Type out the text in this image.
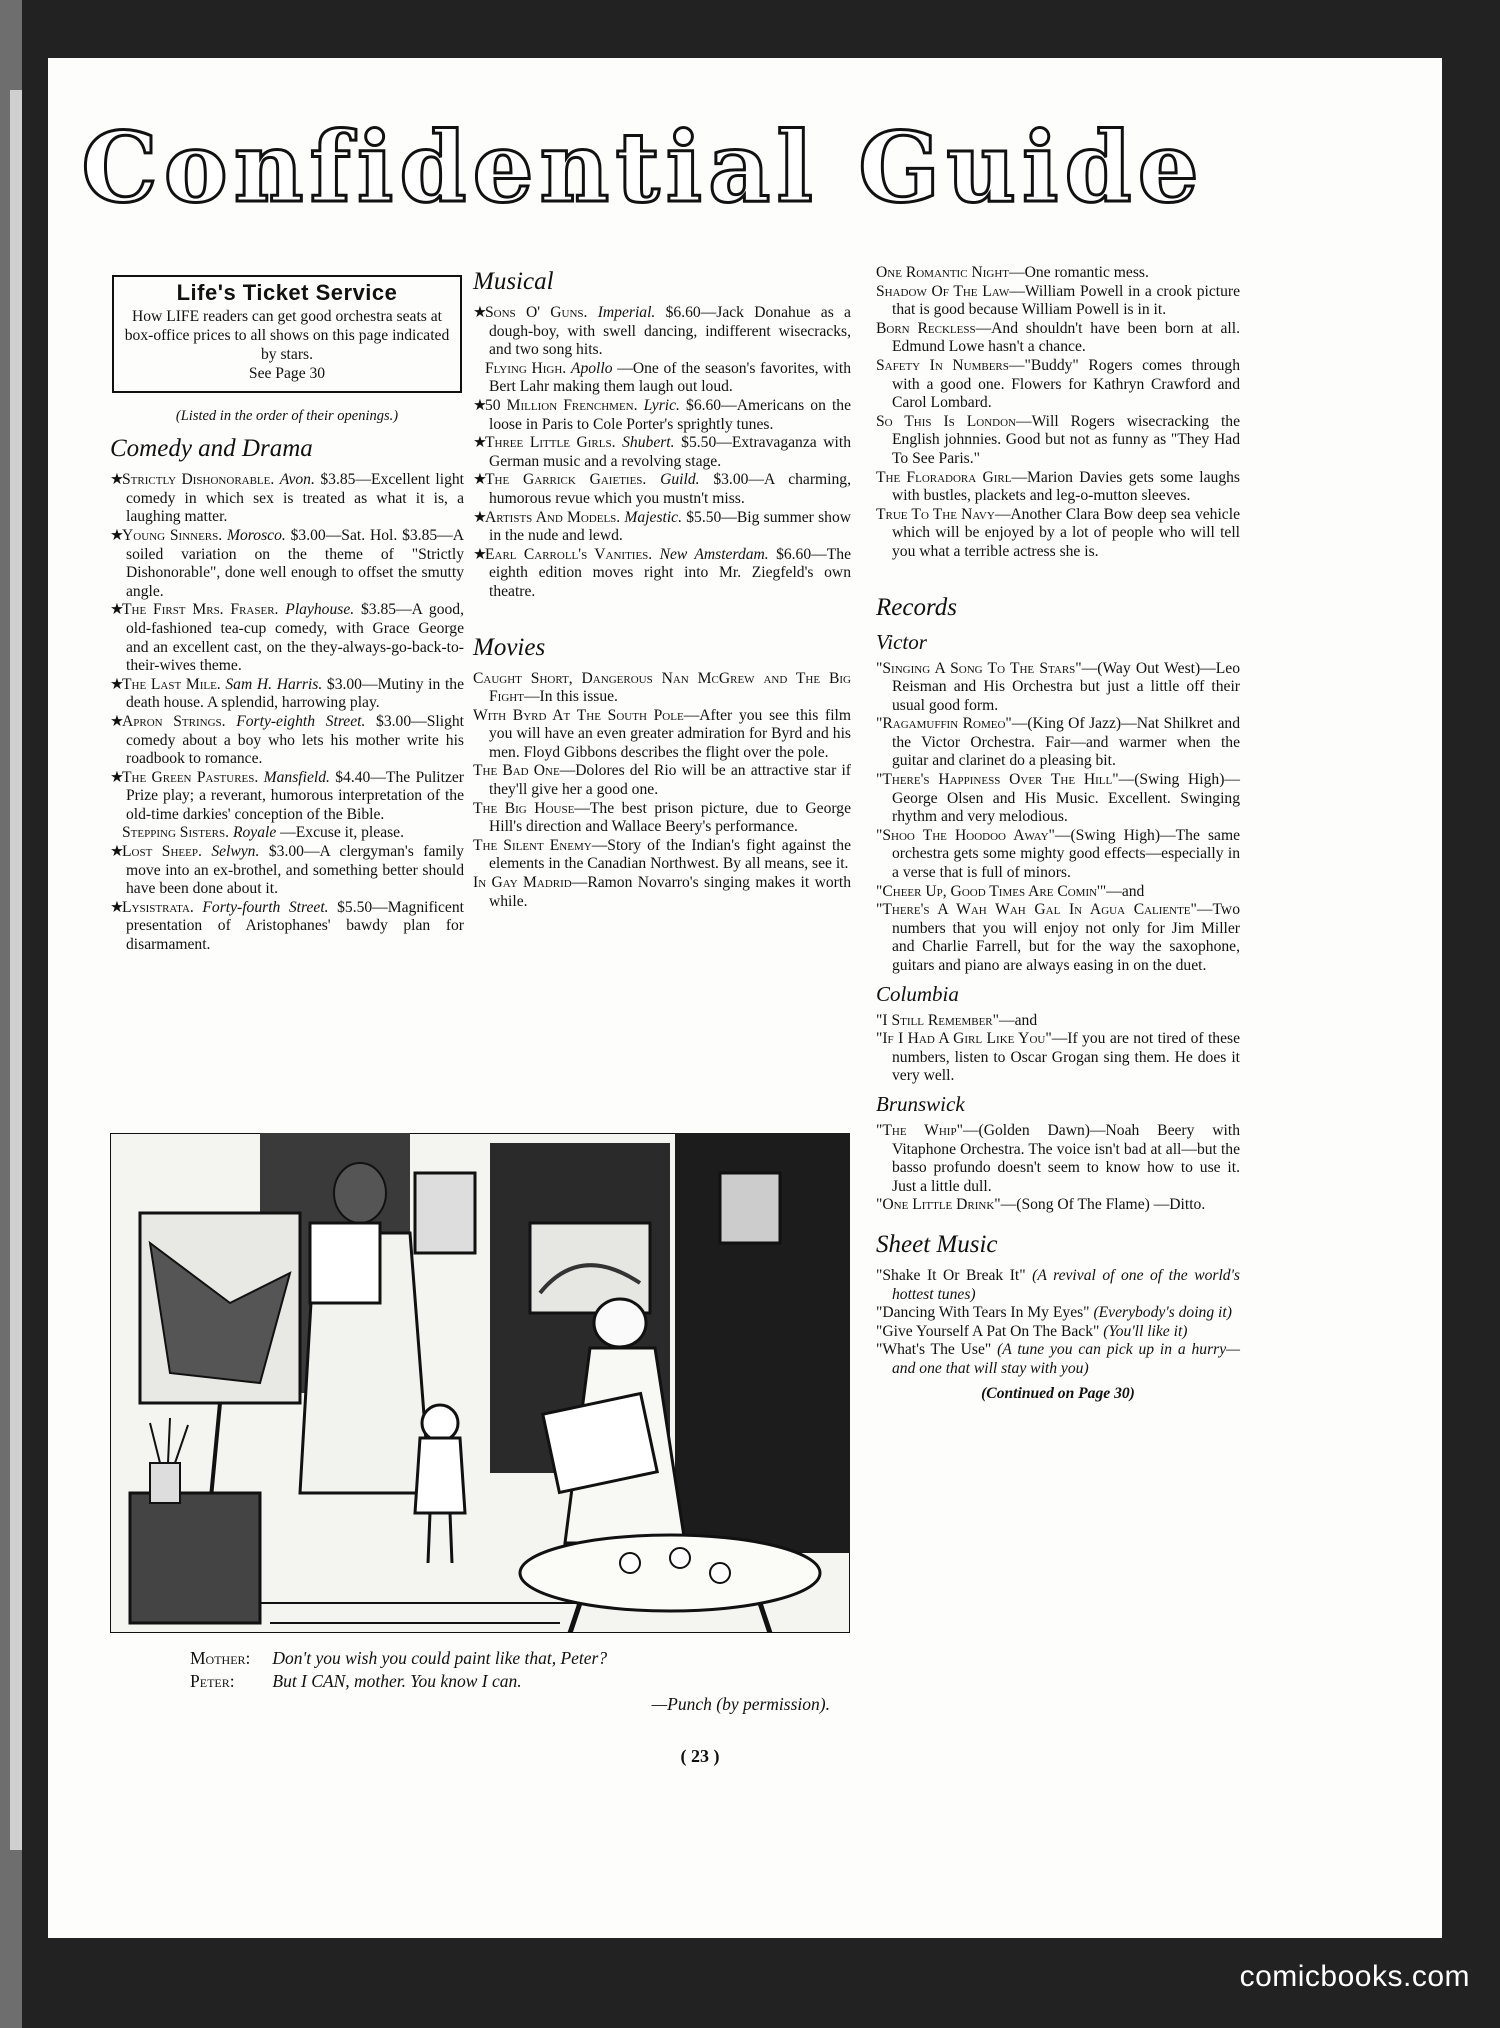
Confidential Guide
Life's Ticket Service
How LIFE readers can get good orchestra seats at box-office prices to all shows on this page indicated by stars.
See Page 30
(Listed in the order of their openings.)
Comedy and Drama

★Strictly Dishonorable. Avon. $3.85—Excellent light comedy in which sex is treated as what it is, a laughing matter.

★Young Sinners. Morosco. $3.00—Sat. Hol. $3.85—A soiled variation on the theme of "Strictly Dishonorable", done well enough to offset the smutty angle.

★The First Mrs. Fraser. Playhouse. $3.85—A good, old-fashioned tea-cup comedy, with Grace George and an excellent cast, on the they-always-go-back-to-their-wives theme.

★The Last Mile. Sam H. Harris. $3.00—Mutiny in the death house. A splendid, harrowing play.

★Apron Strings. Forty-eighth Street. $3.00—Slight comedy about a boy who lets his mother write his roadbook to romance.

★The Green Pastures. Mansfield. $4.40—The Pulitzer Prize play; a reverant, humorous interpretation of the old-time darkies' conception of the Bible.

Stepping Sisters. Royale —Excuse it, please.

★Lost Sheep. Selwyn. $3.00—A clergyman's family move into an ex-brothel, and something better should have been done about it.

★Lysistrata. Forty-fourth Street. $5.50—Magnificent presentation of Aristophanes' bawdy plan for disarmament.

Musical

★Sons O' Guns. Imperial. $6.60—Jack Donahue as a dough-boy, with swell dancing, indifferent wisecracks, and two song hits.

Flying High. Apollo —One of the season's favorites, with Bert Lahr making them laugh out loud.

★50 Million Frenchmen. Lyric. $6.60—Americans on the loose in Paris to Cole Porter's sprightly tunes.

★Three Little Girls. Shubert. $5.50—Extravaganza with German music and a revolving stage.

★The Garrick Gaieties. Guild. $3.00—A charming, humorous revue which you mustn't miss.

★Artists And Models. Majestic. $5.50—Big summer show in the nude and lewd.

★Earl Carroll's Vanities. New Amsterdam. $6.60—The eighth edition moves right into Mr. Ziegfeld's own theatre.

Movies

Caught Short, Dangerous Nan McGrew and The Big Fight—In this issue.

With Byrd At The South Pole—After you see this film you will have an even greater admiration for Byrd and his men. Floyd Gibbons describes the flight over the pole.

The Bad One—Dolores del Rio will be an attractive star if they'll give her a good one.

The Big House—The best prison picture, due to George Hill's direction and Wallace Beery's performance.

The Silent Enemy—Story of the Indian's fight against the elements in the Canadian Northwest. By all means, see it.

In Gay Madrid—Ramon Novarro's singing makes it worth while.

One Romantic Night—One romantic mess.

Shadow Of The Law—William Powell in a crook picture that is good because William Powell is in it.

Born Reckless—And shouldn't have been born at all. Edmund Lowe hasn't a chance.

Safety In Numbers—"Buddy" Rogers comes through with a good one. Flowers for Kathryn Crawford and Carol Lombard.

So This Is London—Will Rogers wisecracking the English johnnies. Good but not as funny as "They Had To See Paris."

The Floradora Girl—Marion Davies gets some laughs with bustles, plackets and leg-o-mutton sleeves.

True To The Navy—Another Clara Bow deep sea vehicle which will be enjoyed by a lot of people who will tell you what a terrible actress she is.

Records
Victor

"Singing A Song To The Stars"—(Way Out West)—Leo Reisman and His Orchestra but just a little off their usual good form.

"Ragamuffin Romeo"—(King Of Jazz)—Nat Shilkret and the Victor Orchestra. Fair—and warmer when the guitar and clarinet do a pleasing bit.

"There's Happiness Over The Hill"—(Swing High)—George Olsen and His Music. Excellent. Swinging rhythm and very melodious.

"Shoo The Hoodoo Away"—(Swing High)—The same orchestra gets some mighty good effects—especially in a verse that is full of minors.

"Cheer Up, Good Times Are Comin'"—and

"There's A Wah Wah Gal In Agua Caliente"—Two numbers that you will enjoy not only for Jim Miller and Charlie Farrell, but for the way the saxophone, guitars and piano are always easing in on the duet.

Columbia

"I Still Remember"—and

"If I Had A Girl Like You"—If you are not tired of these numbers, listen to Oscar Grogan sing them. He does it very well.

Brunswick

"The Whip"—(Golden Dawn)—Noah Beery with Vitaphone Orchestra. The voice isn't bad at all—but the basso profundo doesn't seem to know how to use it. Just a little dull.

"One Little Drink"—(Song Of The Flame) —Ditto.

Sheet Music

"Shake It Or Break It" (A revival of one of the world's hottest tunes)

"Dancing With Tears In My Eyes" (Everybody's doing it)

"Give Yourself A Pat On The Back" (You'll like it)

"What's The Use" (A tune you can pick up in a hurry—and one that will stay with you)

(Continued on Page 30)
Mother: Don't you wish you could paint like that, Peter?
Peter: But I CAN, mother. You know I can.
—Punch (by permission).
( 23 )
comicbooks.com
